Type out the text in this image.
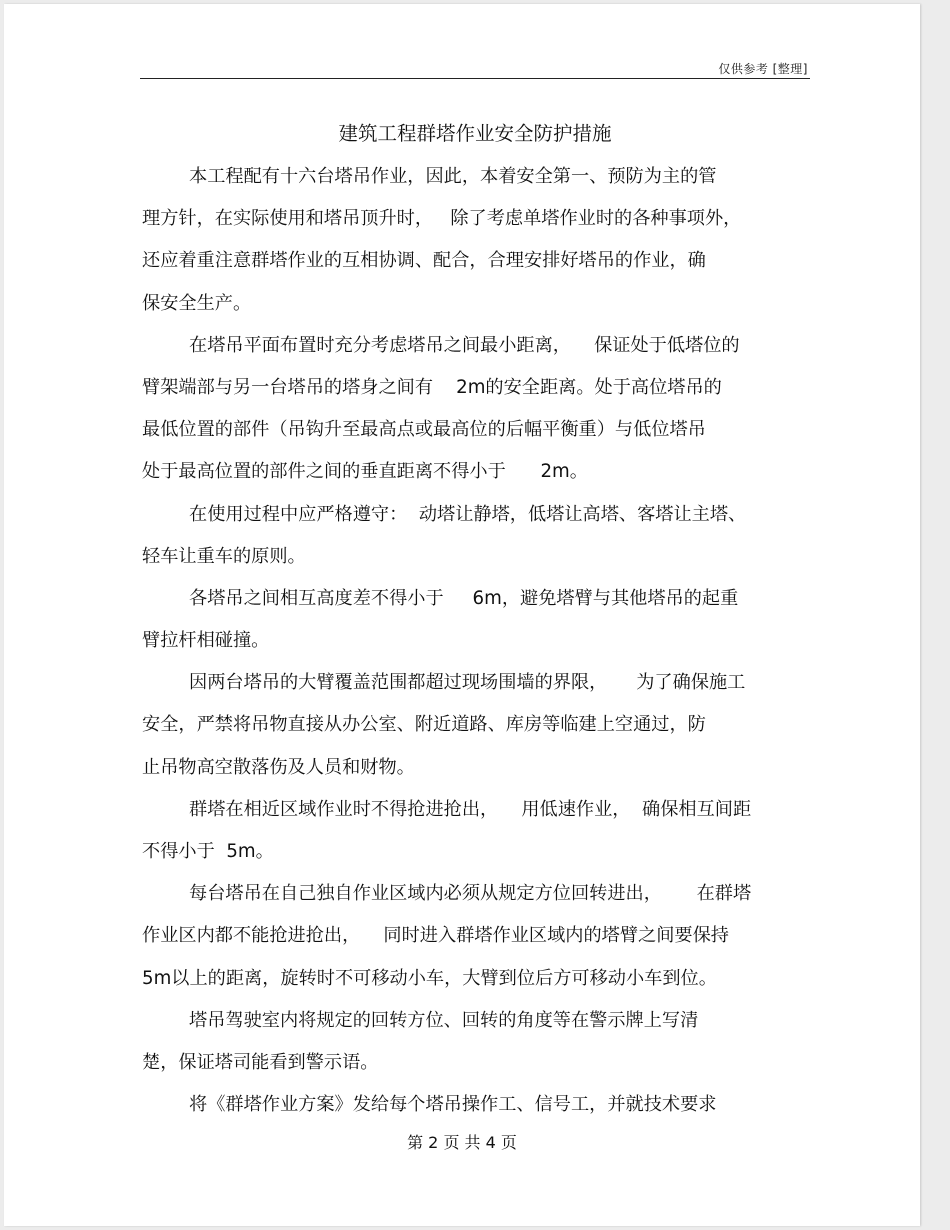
仅供参考 [整理]
建筑工程群塔作业安全防护措施
本工程配有十六台塔吊作业，因此，本着安全第一、预防为主的管
理方针，在实际使用和塔吊顶升时，   除了考虑单塔作业时的各种事项外，
还应着重注意群塔作业的互相协调、配合，合理安排好塔吊的作业，确
保安全生产。
在塔吊平面布置时充分考虑塔吊之间最小距离，    保证处于低塔位的
臂架端部与另一台塔吊的塔身之间有    2m的安全距离。处于高位塔吊的
最低位置的部件（吊钩升至最高点或最高位的后幅平衡重）与低位塔吊
处于最高位置的部件之间的垂直距离不得小于      2m。
在使用过程中应严格遵守：  动塔让静塔，低塔让高塔、客塔让主塔、
轻车让重车的原则。
各塔吊之间相互高度差不得小于     6m，避免塔臂与其他塔吊的起重
臂拉杆相碰撞。
因两台塔吊的大臂覆盖范围都超过现场围墙的界限，     为了确保施工
安全，严禁将吊物直接从办公室、附近道路、库房等临建上空通过，防
止吊物高空散落伤及人员和财物。
群塔在相近区域作业时不得抢进抢出，    用低速作业，  确保相互间距
不得小于  5m。
每台塔吊在自己独自作业区域内必须从规定方位回转进出，      在群塔
作业区内都不能抢进抢出，    同时进入群塔作业区域内的塔臂之间要保持
5m以上的距离，旋转时不可移动小车，大臂到位后方可移动小车到位。
塔吊驾驶室内将规定的回转方位、回转的角度等在警示牌上写清
楚，保证塔司能看到警示语。
将《群塔作业方案》发给每个塔吊操作工、信号工，并就技术要求
第 2 页 共 4 页
